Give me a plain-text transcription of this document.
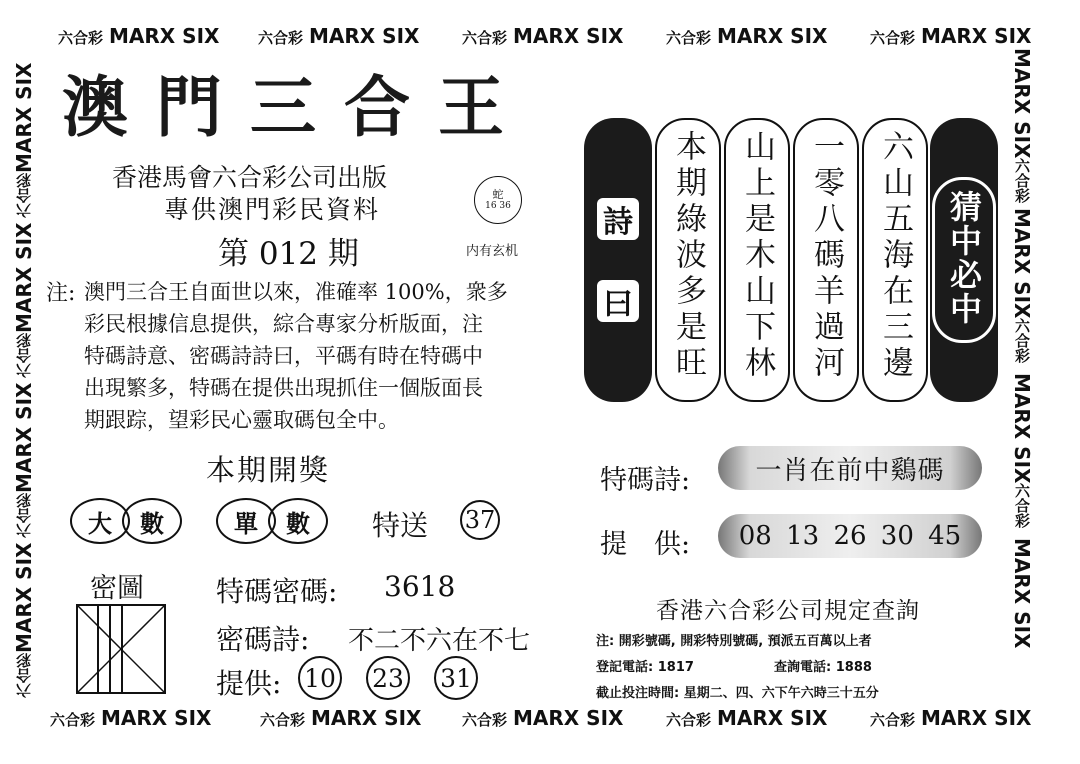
六合彩 MARX SIX	六合彩 MARX SIX	六合彩 MARX SIX	六合彩 MARX SIX	六合彩 MARX SIX
六合彩 MARX SIX	六合彩 MARX SIX	六合彩 MARX SIX	六合彩 MARX SIX	六合彩 MARX SIX
六合彩MARX SIX六合彩MARX SIX六合彩MARX SIX六合彩MARX SIX	MARX SIX六合彩MARX SIX六合彩MARX SIX六合彩MARX SIX
澳門三合王
香港馬會六合彩公司出版
專供澳門彩民資料
蛇
16 36
第 012 期	内有玄机
注: 澳門三合王自面世以來，准確率 100%，衆多
彩民根據信息提供，綜合專家分析版面，注
特碼詩意、密碼詩詩曰，平碼有時在特碼中
出現繁多，特碼在提供出現抓住一個版面長
期跟踪，望彩民心靈取碼包全中。
本期開獎
大	數	單	數	特送 37
密圖	特碼密碼: 3618
密碼詩: 不二不六在不七
提供: 10 23 31
詩
曰 本期綠波多是旺 山上是木山下林 一零八碼羊過河 六山五海在三邊	猜中必中
特碼詩:	一肖在前中鷄碼
提　供: 08 13 26 30 45
香港六合彩公司規定查詢
注: 開彩號碼, 開彩特別號碼, 預派五百萬以上者
登記電話: 1817	查詢電話: 1888
截止投注時間: 星期二、四、六下午六時三十五分
